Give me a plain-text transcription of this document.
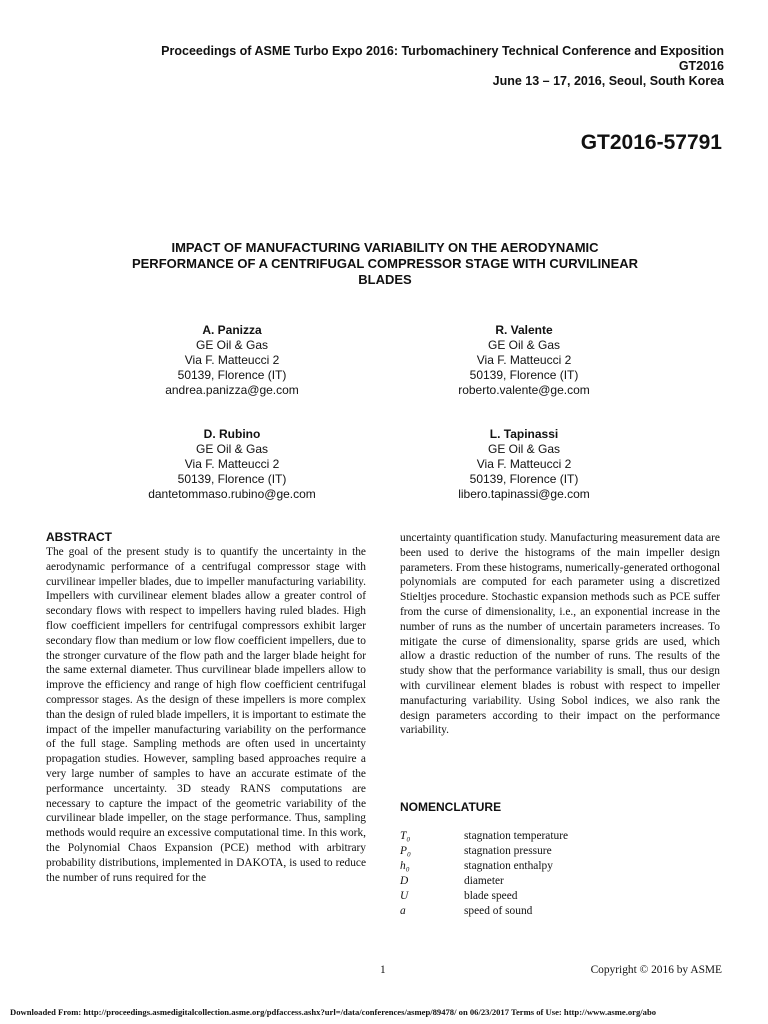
Proceedings of ASME Turbo Expo 2016: Turbomachinery Technical Conference and Exposition
GT2016
June 13 – 17, 2016, Seoul, South Korea
GT2016-57791
IMPACT OF MANUFACTURING VARIABILITY ON THE AERODYNAMIC
PERFORMANCE OF A CENTRIFUGAL COMPRESSOR STAGE WITH CURVILINEAR
BLADES
A. Panizza
GE Oil & Gas
Via F. Matteucci 2
50139, Florence (IT)
andrea.panizza@ge.com
R. Valente
GE Oil & Gas
Via F. Matteucci 2
50139, Florence (IT)
roberto.valente@ge.com
D. Rubino
GE Oil & Gas
Via F. Matteucci 2
50139, Florence (IT)
dantetommaso.rubino@ge.com
L. Tapinassi
GE Oil & Gas
Via F. Matteucci 2
50139, Florence (IT)
libero.tapinassi@ge.com
ABSTRACT

The goal of the present study is to quantify the uncertainty in the aerodynamic performance of a centrifugal compressor stage with curvilinear impeller blades, due to impeller manufacturing variability. Impellers with curvilinear element blades allow a greater control of secondary flows with respect to impellers having ruled blades. High flow coefficient impellers for centrifugal compressors exhibit larger secondary flow than medium or low flow coefficient impellers, due to the stronger curvature of the flow path and the larger blade height for the same external diameter. Thus curvilinear blade impellers allow to improve the efficiency and range of high flow coefficient centrifugal compressor stages. As the design of these impellers is more complex than the design of ruled blade impellers, it is important to estimate the impact of the impeller manufacturing variability on the performance of the full stage. Sampling methods are often used in uncertainty propagation studies. However, sampling based approaches require a very large number of samples to have an accurate estimate of the performance uncertainty. 3D steady RANS computations are necessary to capture the impact of the geometric variability of the curvilinear blade impeller, on the stage performance. Thus, sampling methods would require an excessive computational time. In this work, the Polynomial Chaos Expansion (PCE) method with arbitrary probability distributions, implemented in DAKOTA, is used to reduce the number of runs required for the

uncertainty quantification study. Manufacturing measurement data are been used to derive the histograms of the main impeller design parameters. From these histograms, numerically-generated orthogonal polynomials are computed for each parameter using a discretized Stieltjes procedure. Stochastic expansion methods such as PCE suffer from the curse of dimensionality, i.e., an exponential increase in the number of runs as the number of uncertain parameters increases. To mitigate the curse of dimensionality, sparse grids are used, which allow a drastic reduction of the number of runs. The results of the study show that the performance variability is small, thus our design with curvilinear element blades is robust with respect to impeller manufacturing variability. Using Sobol indices, we also rank the design parameters according to their impact on the performance variability.

NOMENCLATURE
T₀	stagnation temperature
P₀	stagnation pressure
h₀	stagnation enthalpy
D	diameter
U	blade speed
a	speed of sound
1	Copyright © 2016 by ASME
Downloaded From: http://proceedings.asmedigitalcollection.asme.org/pdfaccess.ashx?url=/data/conferences/asmep/89478/ on 06/23/2017 Terms of Use: http://www.asme.org/abo
